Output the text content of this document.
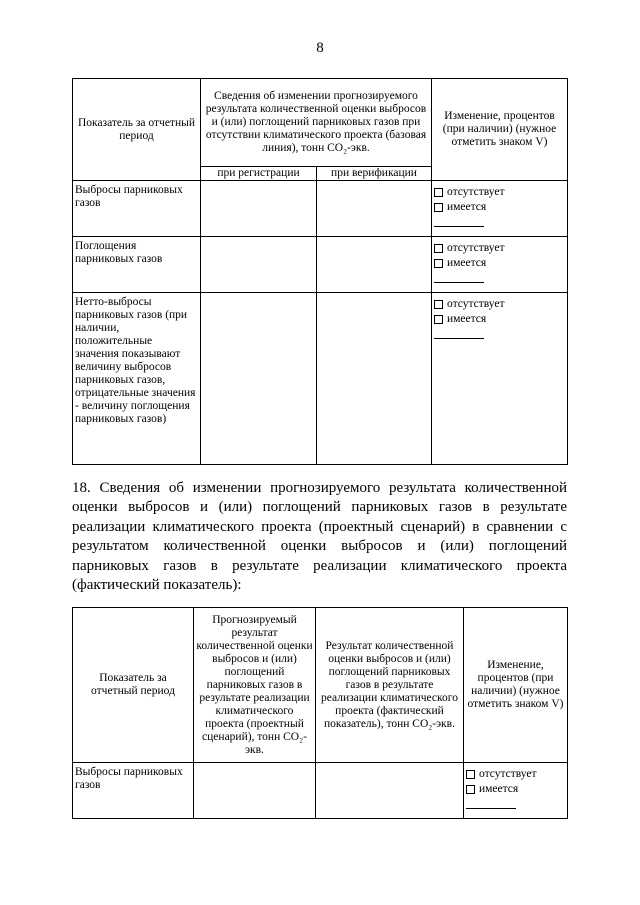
8
Показатель за отчетный период	Сведения об изменении прогнозируемого результата количественной оценки выбросов и (или) поглощений парниковых газов при отсутствии климатического проекта (базовая линия), тонн CO₂-экв.		Изменение, процентов (при наличии) (нужное отметить знаком V)
	при регистрации	при верификации	
Выбросы парниковых газов			отсутствует
имеется

Поглощения парниковых газов			отсутствует
имеется

Нетто-выбросы парниковых газов (при наличии, положительные значения показывают величину выбросов парниковых газов, отрицательные значения - величину поглощения парниковых газов)			отсутствует
имеется
18. Сведения об изменении прогнозируемого результата количественной оценки выбросов и (или) поглощений парниковых газов в результате реализации климатического проекта (проектный сценарий) в сравнении с результатом количественной оценки выбросов и (или) поглощений парниковых газов в результате реализации климатического проекта (фактический показатель):
Показатель за отчетный период	Прогнозируемый результат количественной оценки выбросов и (или) поглощений парниковых газов в результате реализации климатического проекта (проектный сценарий), тонн CO₂-экв.	Результат количественной оценки выбросов и (или) поглощений парниковых газов в результате реализации климатического проекта (фактический показатель), тонн CO₂-экв.	Изменение, процентов (при наличии) (нужное отметить знаком V)
Выбросы парниковых газов			отсутствует
имеется
